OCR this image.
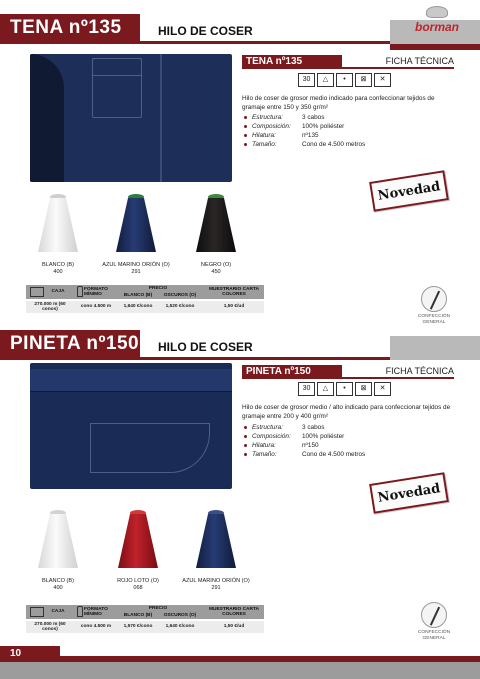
TENA nº135	HILO DE COSER	borman
TENA nº135	FICHA TÉCNICA
30	△	•	⊠	✕
Hilo de coser de grosor medio indicado para confeccionar tejidos de gramaje entre 150 y 350 gr/m²
Estructura:	3 cabos
Composición: 100% poliéster
Hilatura:	nº135
Tamaño:	Cono de 4.500 metros
Novedad
BLANCO (B)
400
AZUL MARINO ORIÓN (O)
291
NEGRO (O)
450
CAJA	FORMATO MÍNIMO
PRECIO
BLANCO (B)	OSCUROS (O)
MUESTRARIO CARTA COLORES
270.000 m (60 conos)
cono 4.500 m	1,640 €/cono	1,520 €/cono	1,50 €/ud
CONFECCIÓN GENERAL
PINETA nº150 HILO DE COSER
PINETA nº150	FICHA TÉCNICA
30	△	•	⊠	✕
Hilo de coser de grosor medio / alto indicado para confeccionar tejidos de gramaje entre 200 y 400 gr/m²
Estructura:	3 cabos
Composición: 100% poliéster
Hilatura:	nº150
Tamaño:	Cono de 4.500 metros
Novedad
BLANCO (B)
400
ROJO LOTO (O)
068
AZUL MARINO ORIÓN (O)
291
CAJA	FORMATO MÍNIMO
PRECIO
BLANCO (B)	OSCUROS (O)
MUESTRARIO CARTA COLORES
270.000 m (60 conos)
cono 4.500 m	1,570 €/cono	1,640 €/cono	1,50 €/ud
CONFECCIÓN GENERAL
10
